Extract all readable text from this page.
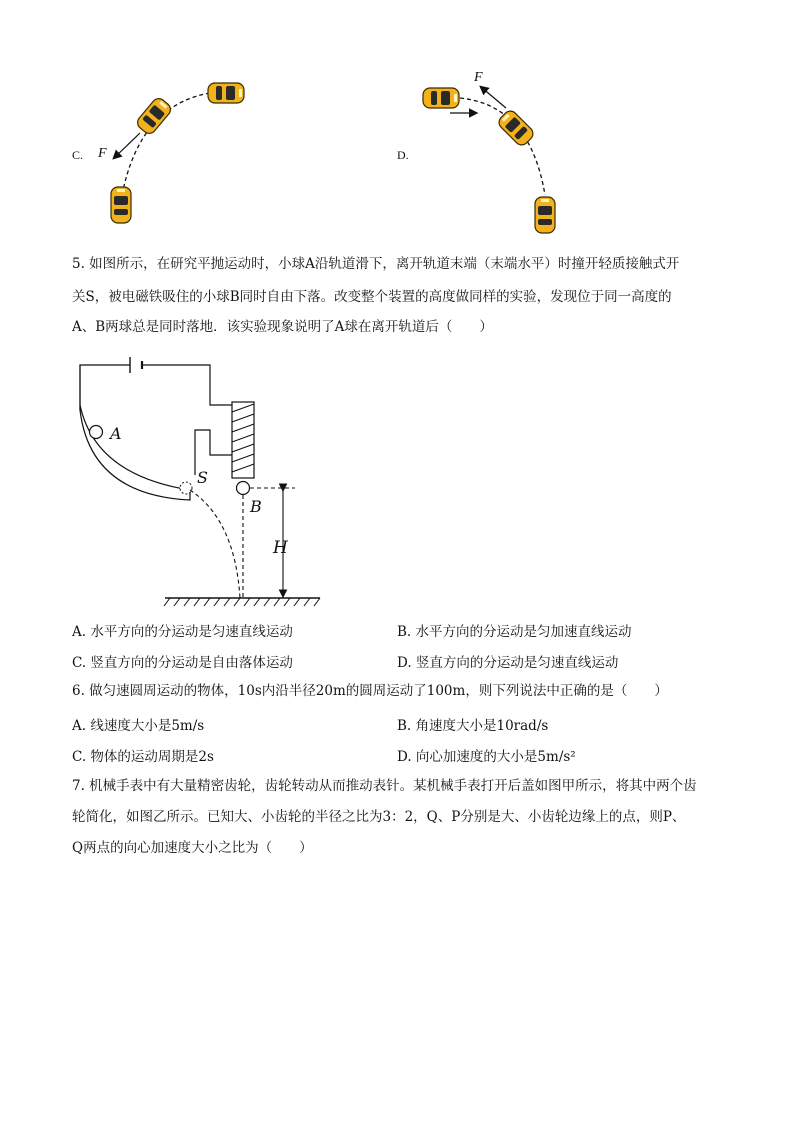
C. F	D.
F
5. 如图所示，在研究平抛运动时，小球A沿轨道滑下，离开轨道末端（末端水平）时撞开轻质接触式开
关S，被电磁铁吸住的小球B同时自由下落。改变整个装置的高度做同样的实验，发现位于同一高度的
A、B两球总是同时落地．该实验现象说明了A球在离开轨道后（　　）
A
S
B
H
A. 水平方向的分运动是匀速直线运动	B. 水平方向的分运动是匀加速直线运动
C. 竖直方向的分运动是自由落体运动	D. 竖直方向的分运动是匀速直线运动
6. 做匀速圆周运动的物体，10s内沿半径20m的圆周运动了100m，则下列说法中正确的是（　　）
A. 线速度大小是5m/s	B. 角速度大小是10rad/s
C. 物体的运动周期是2s	D. 向心加速度的大小是5m/s²
7. 机械手表中有大量精密齿轮，齿轮转动从而推动表针。某机械手表打开后盖如图甲所示，将其中两个齿
轮简化，如图乙所示。已知大、小齿轮的半径之比为3：2，Q、P分别是大、小齿轮边缘上的点，则P、
Q两点的向心加速度大小之比为（　　）
